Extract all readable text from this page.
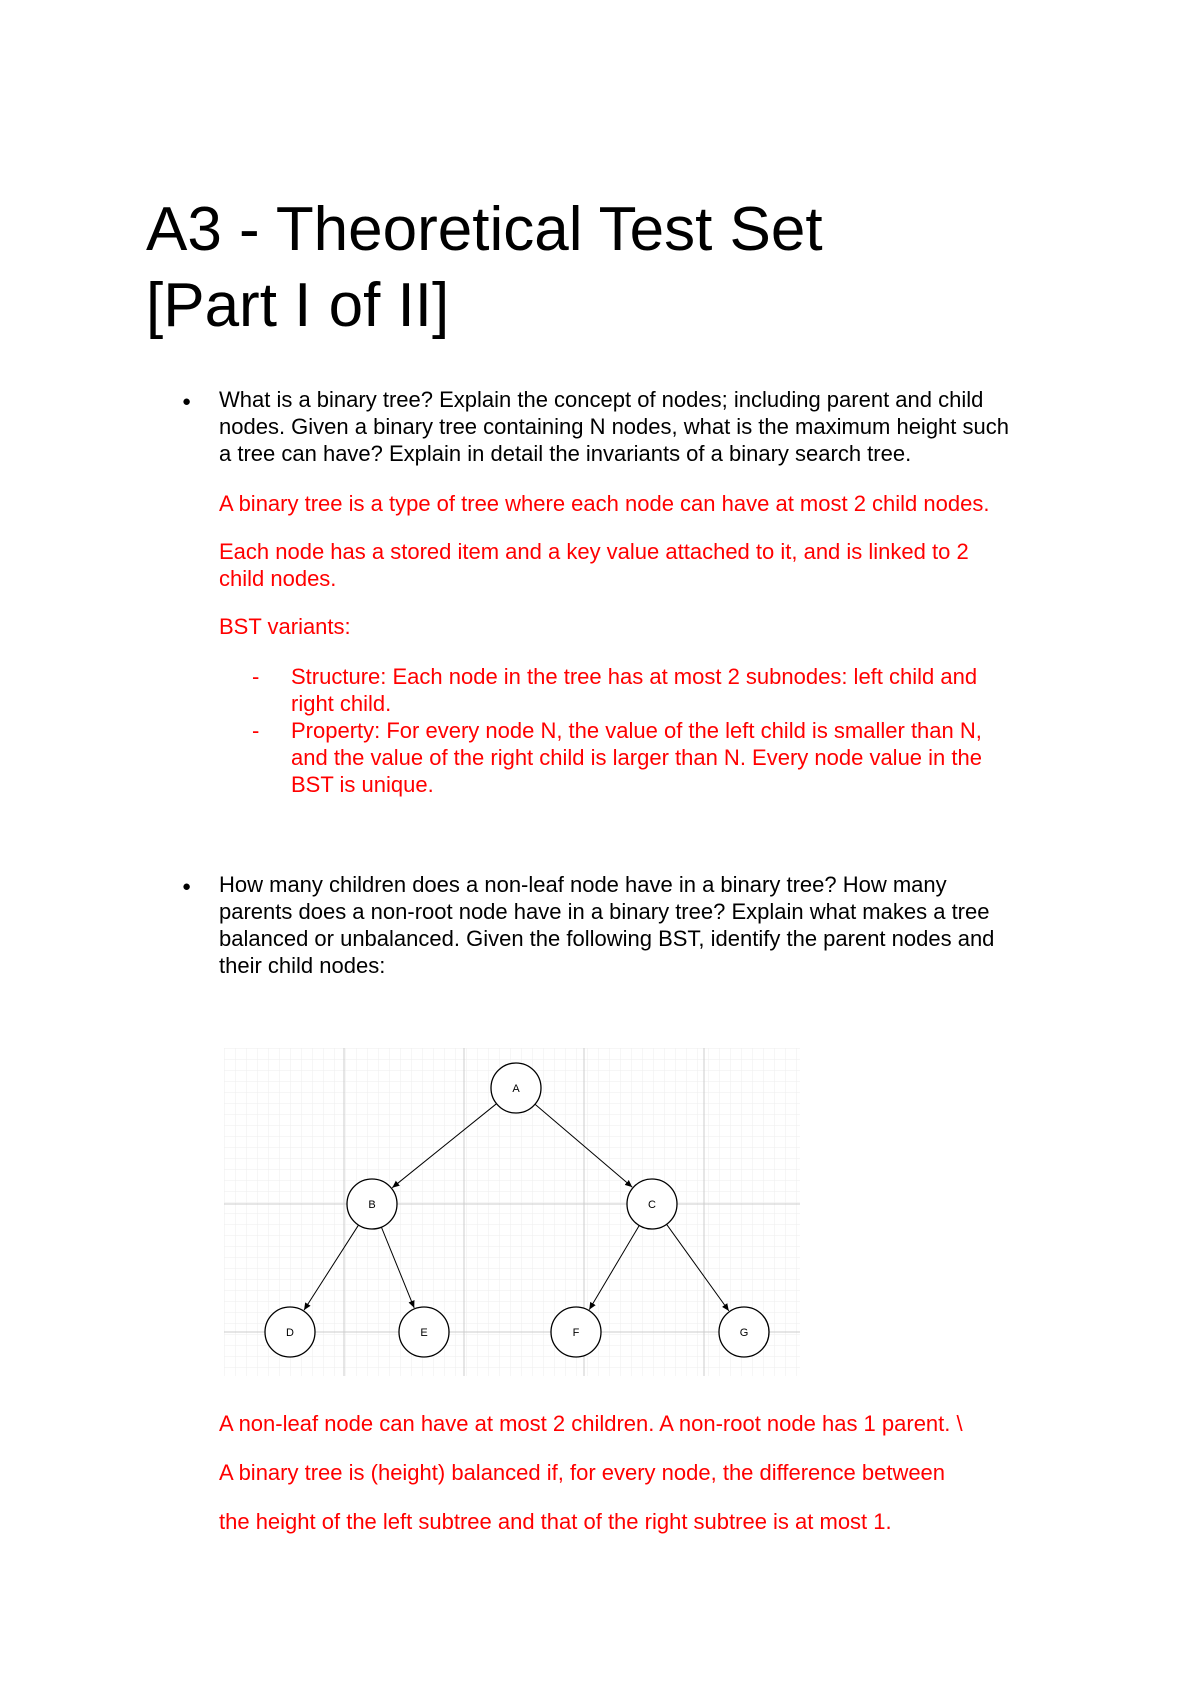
A3 - Theoretical Test Set
[Part I of II]
● What is a binary tree? Explain the concept of nodes; including parent and child
nodes. Given a binary tree containing N nodes, what is the maximum height such
a tree can have? Explain in detail the invariants of a binary search tree.

A binary tree is a type of tree where each node can have at most 2 child nodes.

Each node has a stored item and a key value attached to it, and is linked to 2
child nodes.

BST variants:

- Structure: Each node in the tree has at most 2 subnodes: left child and
right child.

- Property: For every node N, the value of the left child is smaller than N,
and the value of the right child is larger than N. Every node value in the
BST is unique.

● How many children does a non-leaf node have in a binary tree? How many
parents does a non-root node have in a binary tree? Explain what makes a tree
balanced or unbalanced. Given the following BST, identify the parent nodes and
their child nodes:

A
B	C
D	E	F	G

A non-leaf node can have at most 2 children. A non-root node has 1 parent. \

A binary tree is (height) balanced if, for every node, the difference between

the height of the left subtree and that of the right subtree is at most 1.
